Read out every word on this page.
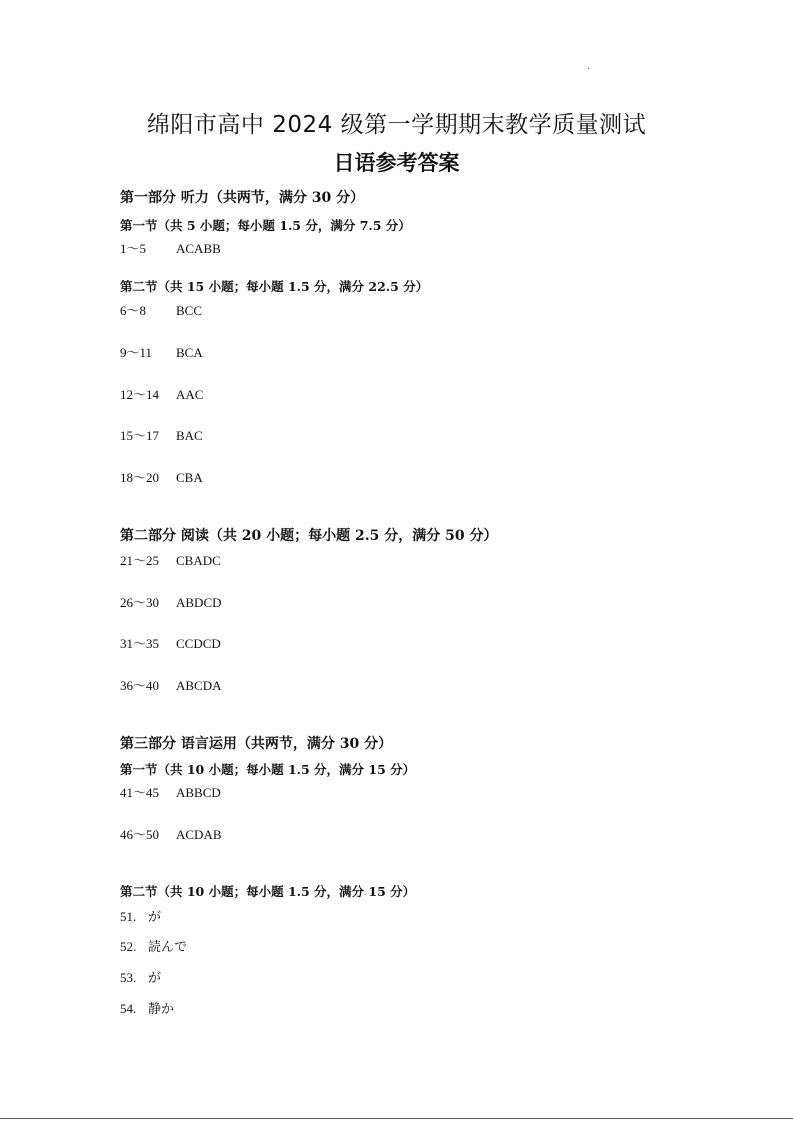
绵阳市高中 2024 级第一学期期末教学质量测试
日语参考答案
第一部分 听力（共两节，满分 30 分）
第一节（共 5 小题；每小题 1.5 分，满分 7.5 分）
1～5 ACABB
第二节（共 15 小题；每小题 1.5 分，满分 22.5 分）
6～8 BCC
9～11 BCA
12～14 AAC
15～17 BAC
18～20 CBA
第二部分 阅读（共 20 小题；每小题 2.5 分，满分 50 分）
21～25 CBADC
26～30 ABDCD
31～35 CCDCD
36～40 ABCDA
第三部分 语言运用（共两节，满分 30 分）
第一节（共 10 小题；每小题 1.5 分，满分 15 分）
41～45 ABBCD
46～50 ACDAB
第二节（共 10 小题；每小题 1.5 分，满分 15 分）
51. が
52. 読んで
53. が
54. 静か
